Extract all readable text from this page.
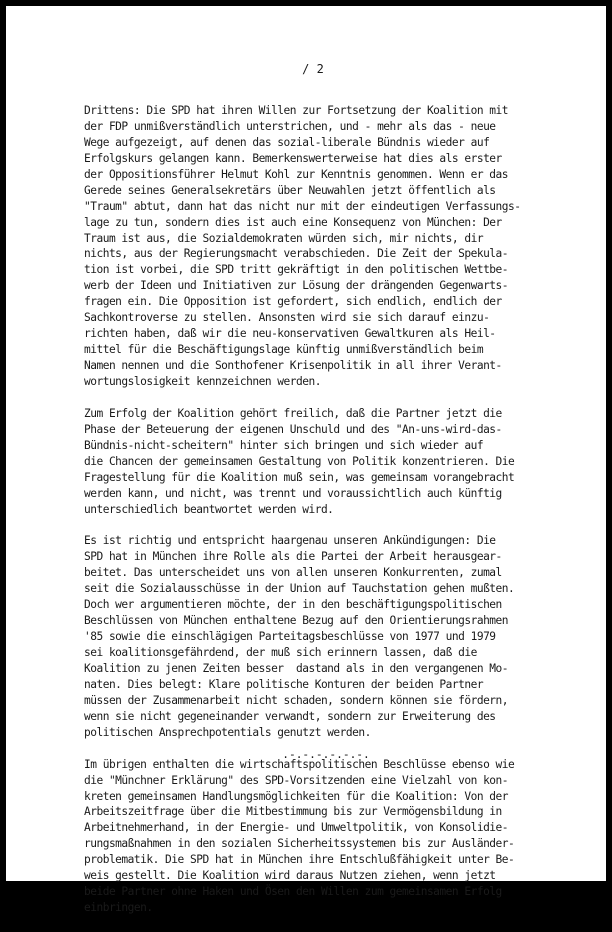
/ 2
Drittens: Die SPD hat ihren Willen zur Fortsetzung der Koalition mit
der FDP unmißverständlich unterstrichen, und - mehr als das - neue
Wege aufgezeigt, auf denen das sozial-liberale Bündnis wieder auf
Erfolgskurs gelangen kann. Bemerkenswerterweise hat dies als erster
der Oppositionsführer Helmut Kohl zur Kenntnis genommen. Wenn er das
Gerede seines Generalsekretärs über Neuwahlen jetzt öffentlich als
"Traum" abtut, dann hat das nicht nur mit der eindeutigen Verfassungs-
lage zu tun, sondern dies ist auch eine Konsequenz von München: Der
Traum ist aus, die Sozialdemokraten würden sich, mir nichts, dir
nichts, aus der Regierungsmacht verabschieden. Die Zeit der Spekula-
tion ist vorbei, die SPD tritt gekräftigt in den politischen Wettbe-
werb der Ideen und Initiativen zur Lösung der drängenden Gegenwarts-
fragen ein. Die Opposition ist gefordert, sich endlich, endlich der
Sachkontroverse zu stellen. Ansonsten wird sie sich darauf einzu-
richten haben, daß wir die neu-konservativen Gewaltkuren als Heil-
mittel für die Beschäftigungslage künftig unmißverständlich beim
Namen nennen und die Sonthofener Krisenpolitik in all ihrer Verant-
wortungslosigkeit kennzeichnen werden.
Zum Erfolg der Koalition gehört freilich, daß die Partner jetzt die
Phase der Beteuerung der eigenen Unschuld und des "An-uns-wird-das-
Bündnis-nicht-scheitern" hinter sich bringen und sich wieder auf
die Chancen der gemeinsamen Gestaltung von Politik konzentrieren. Die
Fragestellung für die Koalition muß sein, was gemeinsam vorangebracht
werden kann, und nicht, was trennt und voraussichtlich auch künftig
unterschiedlich beantwortet werden wird.
Es ist richtig und entspricht haargenau unseren Ankündigungen: Die
SPD hat in München ihre Rolle als die Partei der Arbeit herausgear-
beitet. Das unterscheidet uns von allen unseren Konkurrenten, zumal
seit die Sozialausschüsse in der Union auf Tauchstation gehen mußten.
Doch wer argumentieren möchte, der in den beschäftigungspolitischen
Beschlüssen von München enthaltene Bezug auf den Orientierungsrahmen
'85 sowie die einschlägigen Parteitagsbeschlüsse von 1977 und 1979
sei koalitionsgefährdend, der muß sich erinnern lassen, daß die
Koalition zu jenen Zeiten besser  dastand als in den vergangenen Mo-
naten. Dies belegt: Klare politische Konturen der beiden Partner
müssen der Zusammenarbeit nicht schaden, sondern können sie fördern,
wenn sie nicht gegeneinander verwandt, sondern zur Erweiterung des
politischen Ansprechpotentials genutzt werden.
Im übrigen enthalten die wirtschaftspolitischen Beschlüsse ebenso wie
die "Münchner Erklärung" des SPD-Vorsitzenden eine Vielzahl von kon-
kreten gemeinsamen Handlungsmöglichkeiten für die Koalition: Von der
Arbeitszeitfrage über die Mitbestimmung bis zur Vermögensbildung in
Arbeitnehmerhand, in der Energie- und Umweltpolitik, von Konsolidie-
rungsmaßnahmen in den sozialen Sicherheitssystemen bis zur Ausländer-
problematik. Die SPD hat in München ihre Entschlußfähigkeit unter Be-
weis gestellt. Die Koalition wird daraus Nutzen ziehen, wenn jetzt
beide Partner ohne Haken und Ösen den Willen zum gemeinsamen Erfolg
einbringen.
.-.-.-.-.-.-.
